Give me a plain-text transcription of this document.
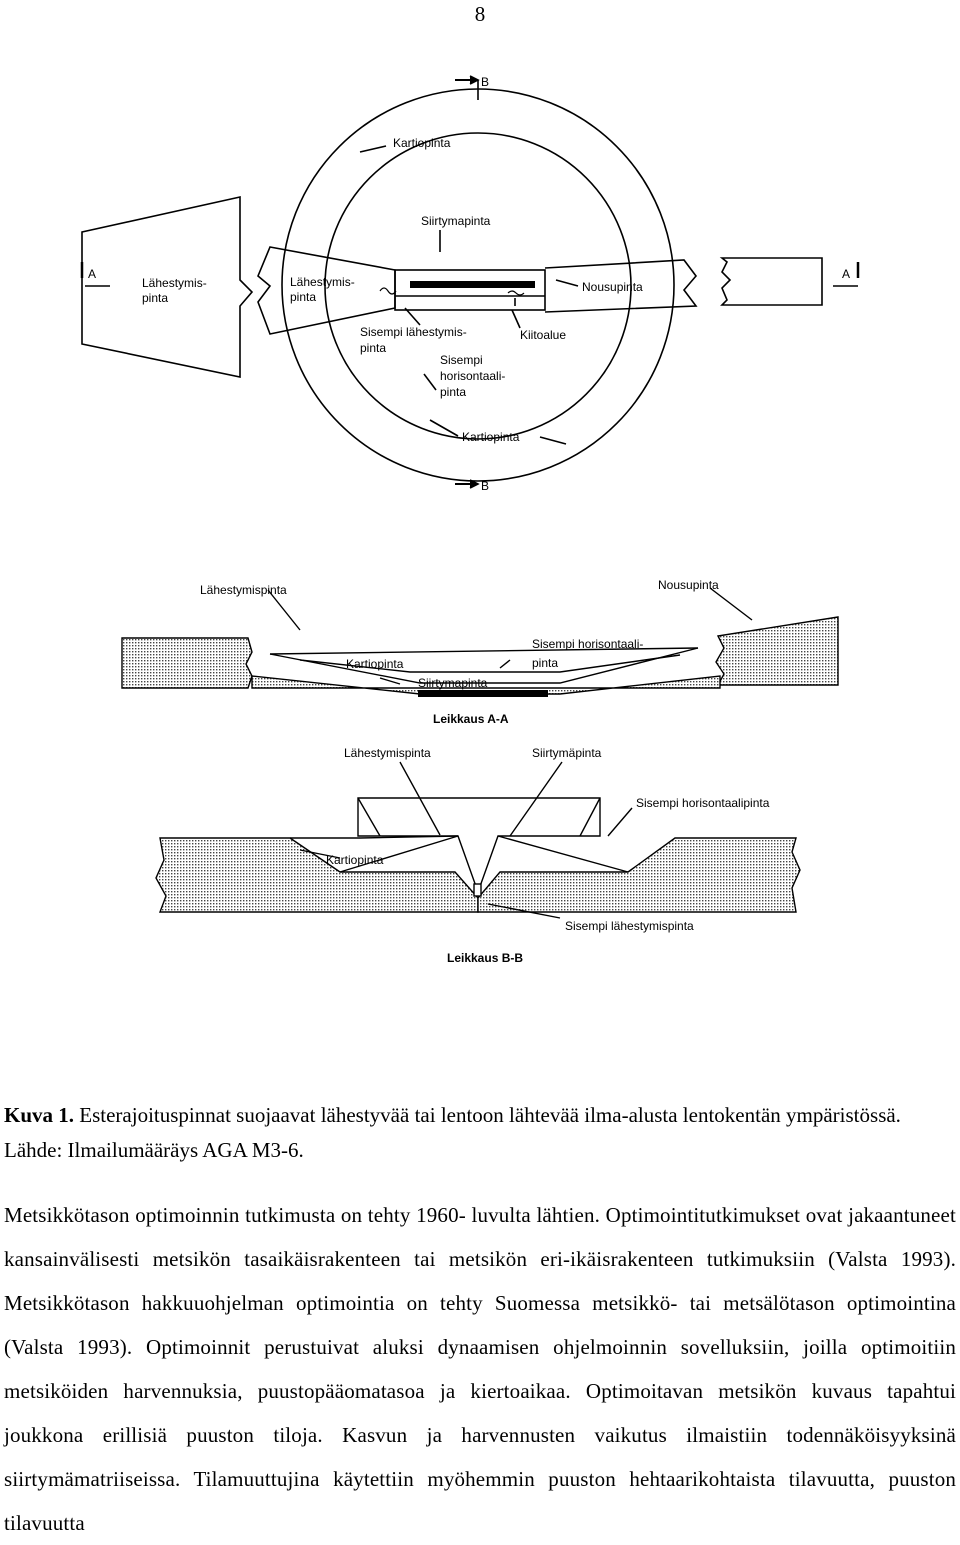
8
B
B
A	A
Kartiopinta
Siirtymapinta
Lähestymis-
pinta
Lähestymis-
pinta
Nousupinta
Sisempi lähestymis-
pinta
Kiitoalue
Sisempi
horisontaali-
pinta
Kartiopinta
Lähestymispinta	Nousupinta
Sisempi horisontaali-
pinta
Kartiopinta
Siirtymapinta
Leikkaus A-A
Lähestymispinta	Siirtymäpinta
Sisempi horisontaalipinta
Kartiopinta
Sisempi lähestymispinta
Leikkaus B-B
Kuva 1. Esterajoituspinnat suojaavat lähestyvää tai lentoon lähtevää ilma-alusta lentokentän ympäristössä. Lähde: Ilmailumääräys AGA M3-6.

Metsikkötason optimoinnin tutkimusta on tehty 1960- luvulta lähtien. Optimointitutkimukset ovat jakaantuneet kansainvälisesti metsikön tasaikäisrakenteen tai metsikön eri-ikäisrakenteen tutkimuksiin (Valsta 1993). Metsikkötason hakkuuohjelman optimointia on tehty Suomessa metsikkö- tai metsälötason optimointina (Valsta 1993). Optimoinnit perustuivat aluksi dynaamisen ohjelmoinnin sovelluksiin, joilla optimoitiin metsiköiden harvennuksia, puustopääomatasoa ja kiertoaikaa. Optimoitavan metsikön kuvaus tapahtui joukkona erillisiä puuston tiloja. Kasvun ja harvennusten vaikutus ilmaistiin todennäköisyyksinä siirtymämatriiseissa. Tilamuuttujina käytettiin myöhemmin puuston hehtaarikohtaista tilavuutta, puuston tilavuutta
